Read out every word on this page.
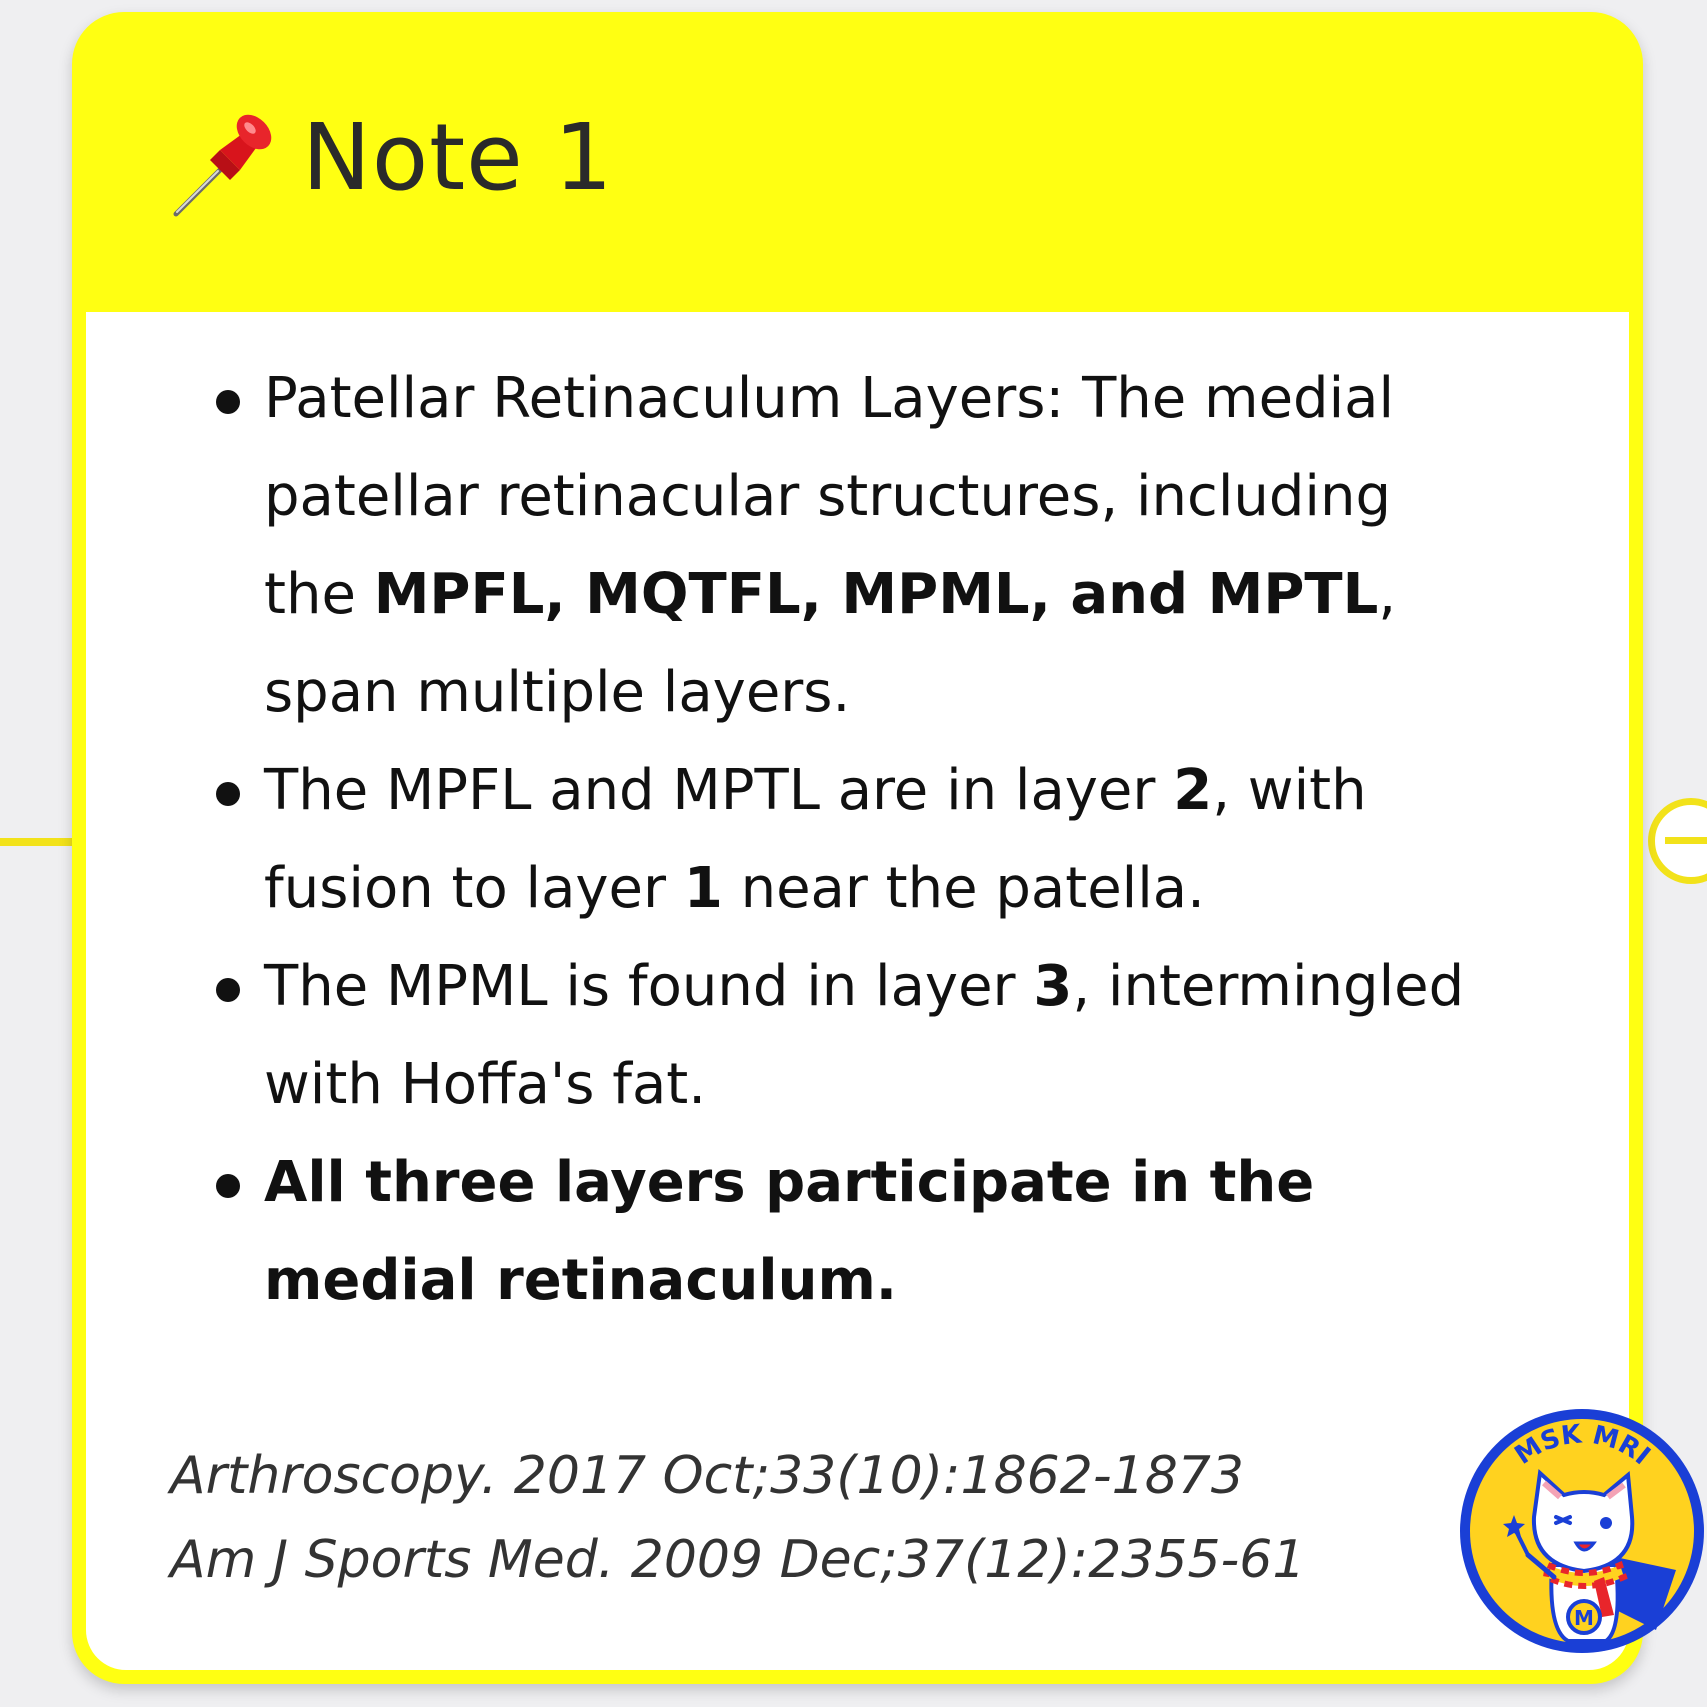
Note 1
Patellar Retinaculum Layers: The medial patellar retinacular structures, including the MPFL, MQTFL, MPML, and MPTL, span multiple layers.
The MPFL and MPTL are in layer 2, with fusion to layer 1 near the patella.
The MPML is found in layer 3, intermingled with Hoffa's fat.
All three layers participate in the medial retinaculum.
Arthroscopy. 2017 Oct;33(10):1862-1873
Am J Sports Med. 2009 Dec;37(12):2355-61
MSK MRI
M
